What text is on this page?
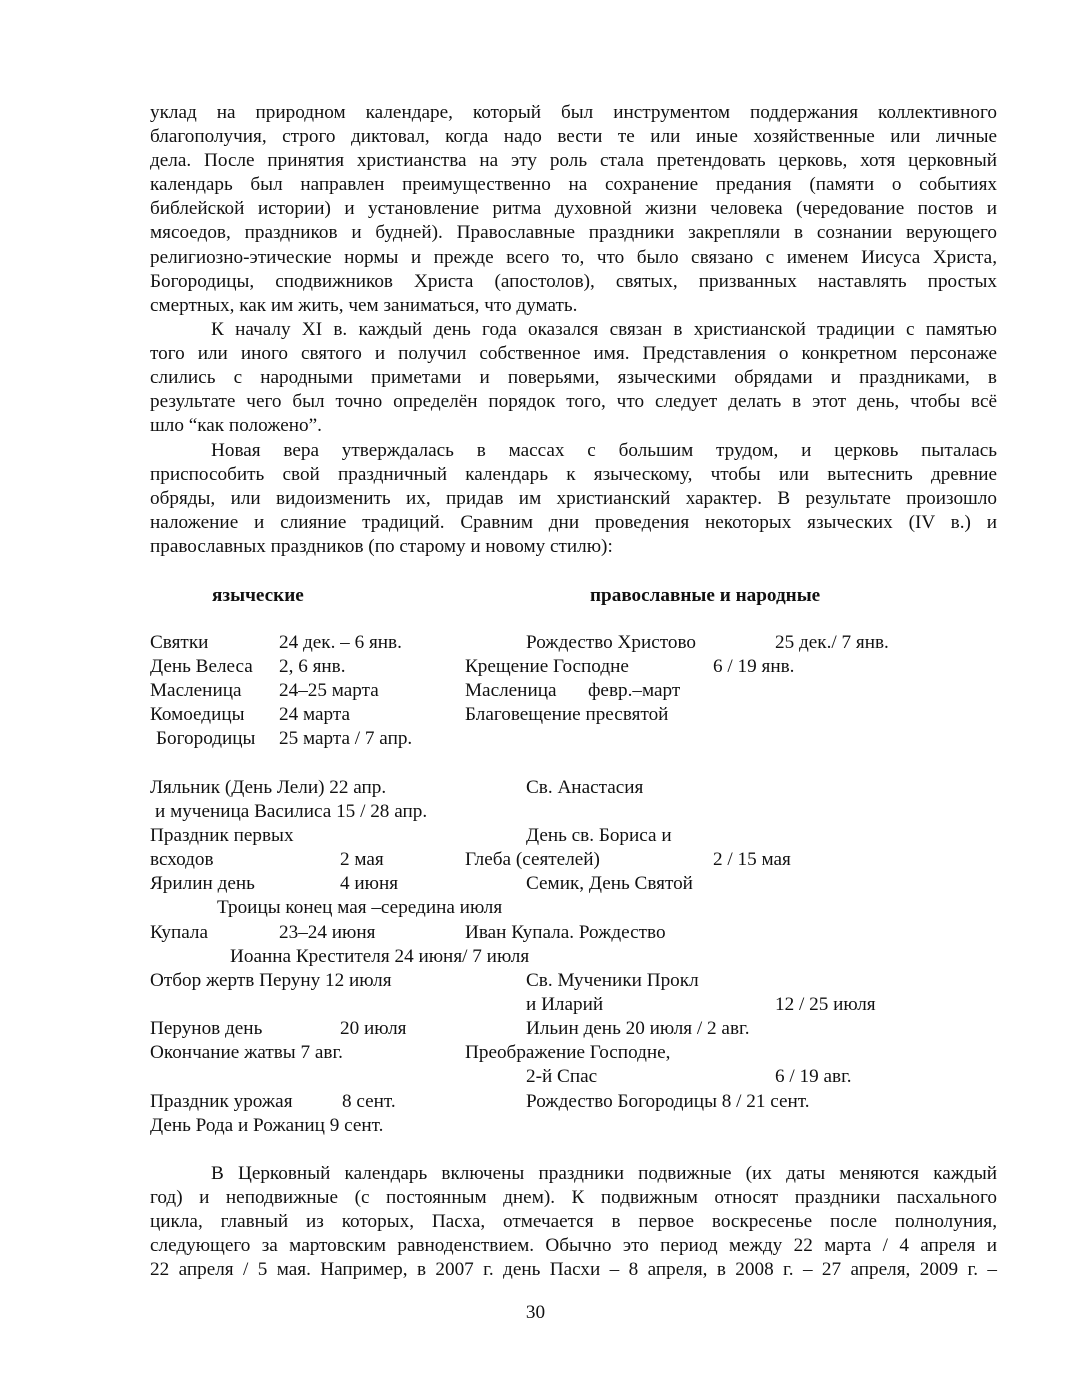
уклад на природном календаре, который был инструментом поддержания коллективного
благополучия, строго диктовал, когда надо вести те или иные хозяйственные или личные
дела. После принятия христианства на эту роль стала претендовать церковь, хотя церковный
календарь был направлен преимущественно на сохранение предания (памяти о событиях
библейской истории) и установление ритма духовной жизни человека (чередование постов и
мясоедов, праздников и будней). Православные праздники закрепляли в сознании верующего
религиозно-этические нормы и прежде всего то, что было связано с именем Иисуса Христа,
Богородицы, сподвижников Христа (апостолов), святых, призванных наставлять простых
смертных, как им жить, чем заниматься, что думать.
К началу XI в. каждый день года оказался связан в христианской традиции с памятью
того или иного святого и получил собственное имя. Представления о конкретном персонаже
слились с народными приметами и поверьями, языческими обрядами и праздниками, в
результате чего был точно определён порядок того, что следует делать в этот день, чтобы всё
шло “как положено”.
Новая вера утверждалась в массах с большим трудом, и церковь пыталась
приспособить свой праздничный календарь к языческому, чтобы или вытеснить древние
обряды, или видоизменить их, придав им христианский характер. В результате произошло
наложение и слияние традиций. Сравним дни проведения некоторых языческих (IV в.) и
православных праздников (по старому и новому стилю):
языческие	православные и народные
Святки	24 дек. – 6 янв.	Рождество Христово	25 дек./ 7 янв.
День Велеса 2, 6 янв.	Крещение Господне	6 / 19 янв.
Масленица 24–25 марта	Масленица февр.–март
Комоедицы 24 марта	Благовещение пресвятой
Богородицы 25 марта / 7 апр.
Ляльник (День Лели) 22 апр.	Св. Анастасия
и мученица Василиса 15 / 28 апр.
Праздник первых	День св. Бориса и
всходов	2 мая	Глеба (сеятелей)	2 / 15 мая
Ярилин день	4 июня	Семик, День Святой
Троицы конец мая –середина июля
Купала	23–24 июня	Иван Купала. Рождество
Иоанна Крестителя 24 июня/ 7 июля
Отбор жертв Перуну 12 июля	Св. Мученики Прокл
и Иларий	12 / 25 июля
Перунов день	20 июля	Ильин день 20 июля / 2 авг.
Окончание жатвы 7 авг.	Преображение Господне,
2-й Спас	6 / 19 авг.
Праздник урожая	8 сент.	Рождество Богородицы 8 / 21 сент.
День Рода и Рожаниц 9 сент.
В Церковный календарь включены праздники подвижные (их даты меняются каждый
год) и неподвижные (с постоянным днем). К подвижным относят праздники пасхального
цикла, главный из которых, Пасха, отмечается в первое воскресенье после полнолуния,
следующего за мартовским равноденствием. Обычно это период между 22 марта / 4 апреля и
22 апреля / 5 мая. Например, в 2007 г. день Пасхи – 8 апреля, в 2008 г. – 27 апреля, 2009 г. –
30
